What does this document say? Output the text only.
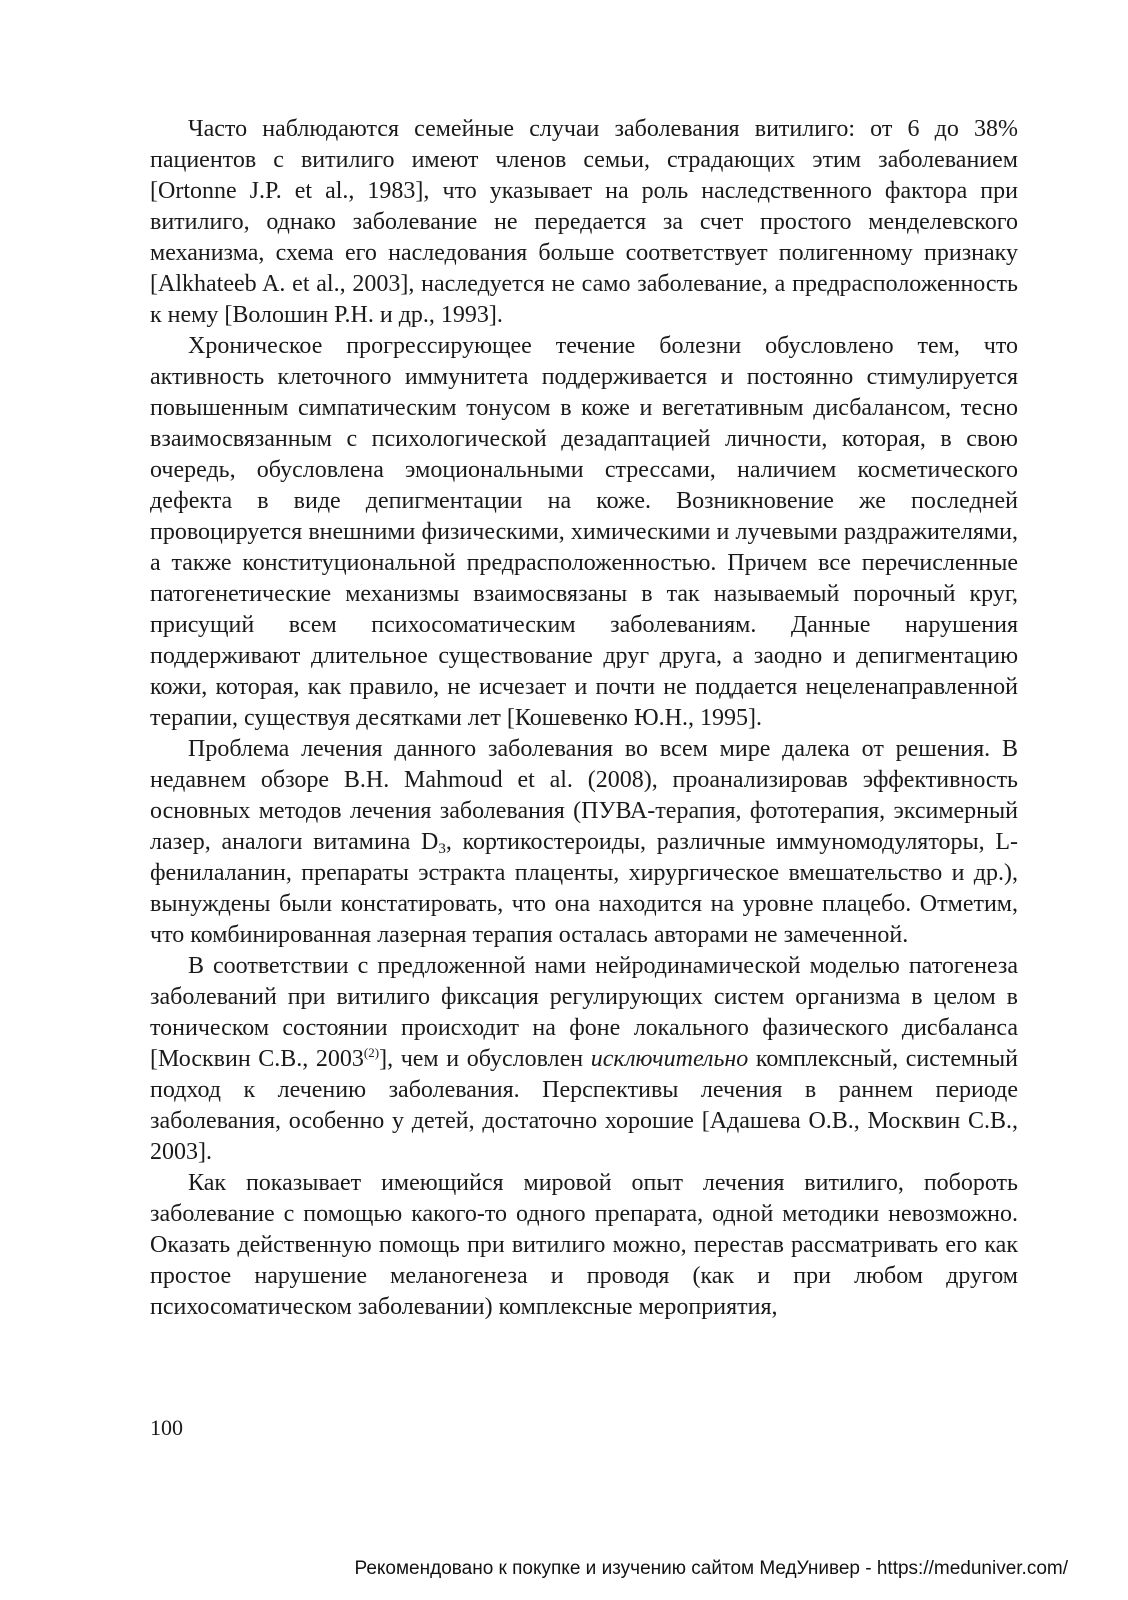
Часто наблюдаются семейные случаи заболевания витилиго: от 6 до 38% пациентов с витилиго имеют членов семьи, страдающих этим заболеванием [Ortonne J.P. et al., 1983], что указывает на роль наследственного фактора при витилиго, однако заболевание не передается за счет простого менделевского механизма, схема его наследования больше соответствует полигенному признаку [Alkhateeb A. et al., 2003], наследуется не само заболевание, а предрасположенность к нему [Волошин Р.Н. и др., 1993].

Хроническое прогрессирующее течение болезни обусловлено тем, что активность клеточного иммунитета поддерживается и постоянно стимулируется повышенным симпатическим тонусом в коже и вегетативным дисбалансом, тесно взаимосвязанным с психологической дезадаптацией личности, которая, в свою очередь, обусловлена эмоциональными стрессами, наличием косметического дефекта в виде депигментации на коже. Возникновение же последней провоцируется внешними физическими, химическими и лучевыми раздражителями, а также конституциональной предрасположенностью. Причем все перечисленные патогенетические механизмы взаимосвязаны в так называемый порочный круг, присущий всем психосоматическим заболеваниям. Данные нарушения поддерживают длительное существование друг друга, а заодно и депигментацию кожи, которая, как правило, не исчезает и почти не поддается нецеленаправленной терапии, существуя десятками лет [Кошевенко Ю.Н., 1995].

Проблема лечения данного заболевания во всем мире далека от решения. В недавнем обзоре B.H. Mahmoud et al. (2008), проанализировав эффективность основных методов лечения заболевания (ПУВА-терапия, фототерапия, эксимерный лазер, аналоги витамина $D_3$, кортикостероиды, различные иммуномодуляторы, L-фенилаланин, препараты эстракта плаценты, хирургическое вмешательство и др.), вынуждены были констатировать, что она находится на уровне плацебо. Отметим, что комбинированная лазерная терапия осталась авторами не замеченной.

В соответствии с предложенной нами нейродинамической моделью патогенеза заболеваний при витилиго фиксация регулирующих систем организма в целом в тоническом состоянии происходит на фоне локального фазического дисбаланса [Москвин С.В., 2003$^{(2)}$], чем и обусловлен исключительно комплексный, системный подход к лечению заболевания. Перспективы лечения в раннем периоде заболевания, особенно у детей, достаточно хорошие [Адашева О.В., Москвин С.В., 2003].

Как показывает имеющийся мировой опыт лечения витилиго, побороть заболевание с помощью какого-то одного препарата, одной методики невозможно. Оказать действенную помощь при витилиго можно, перестав рассматривать его как простое нарушение меланогенеза и проводя (как и при любом другом психосоматическом заболевании) комплексные мероприятия,

100
Рекомендовано к покупке и изучению сайтом МедУнивер - https://meduniver.com/
